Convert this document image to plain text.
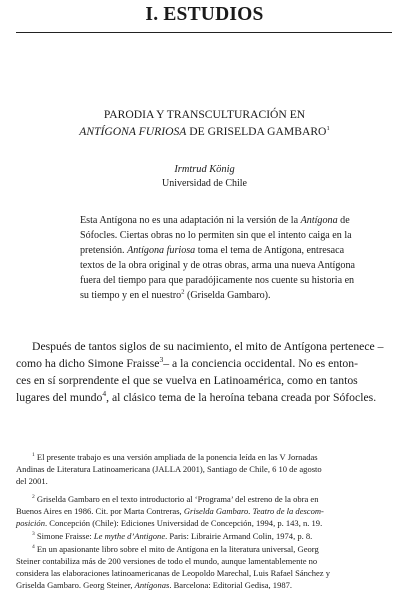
I. ESTUDIOS
PARODIA Y TRANSCULTURACIÓN EN
ANTÍGONA FURIOSA DE GRISELDA GAMBARO$^1$
Irmtrud König
Universidad de Chile
Esta Antígona no es una adaptación ni la versión de la Antígona de
Sófocles. Ciertas obras no lo permiten sin que el intento caiga en la
pretensión. Antígona furiosa toma el tema de Antígona, entresaca
textos de la obra original y de otras obras, arma una nueva Antígona
fuera del tiempo para que paradójicamente nos cuente su historia en
su tiempo y en el nuestro$^2$ (Griselda Gambaro).
Después de tantos siglos de su nacimiento, el mito de Antígona pertenece –
como ha dicho Simone Fraisse$^3$– a la conciencia occidental. No es enton-
ces en sí sorprendente el que se vuelva en Latinoamérica, como en tantos
lugares del mundo$^4$, al clásico tema de la heroína tebana creada por Sófocles.
$^1$ El presente trabajo es una versión ampliada de la ponencia leída en las V Jornadas
Andinas de Literatura Latinoamericana (JALLA 2001), Santiago de Chile, 6 10 de agosto
del 2001.
$^2$ Griselda Gambaro en el texto introductorio al ‘Programa’ del estreno de la obra en
Buenos Aires en 1986. Cit. por Marta Contreras, Griselda Gambaro. Teatro de la descom-
posición. Concepción (Chile): Ediciones Universidad de Concepción, 1994, p. 143, n. 19.
$^3$ Simone Fraisse: Le mythe d’Antigone. Paris: Librairie Armand Colin, 1974, p. 8.
$^4$ En un apasionante libro sobre el mito de Antígona en la literatura universal, Georg
Steiner contabiliza más de 200 versiones de todo el mundo, aunque lamentablemente no
considera las elaboraciones latinoamericanas de Leopoldo Marechal, Luis Rafael Sánchez y
Griselda Gambaro. Georg Steiner, Antígonas. Barcelona: Editorial Gedisa, 1987.
